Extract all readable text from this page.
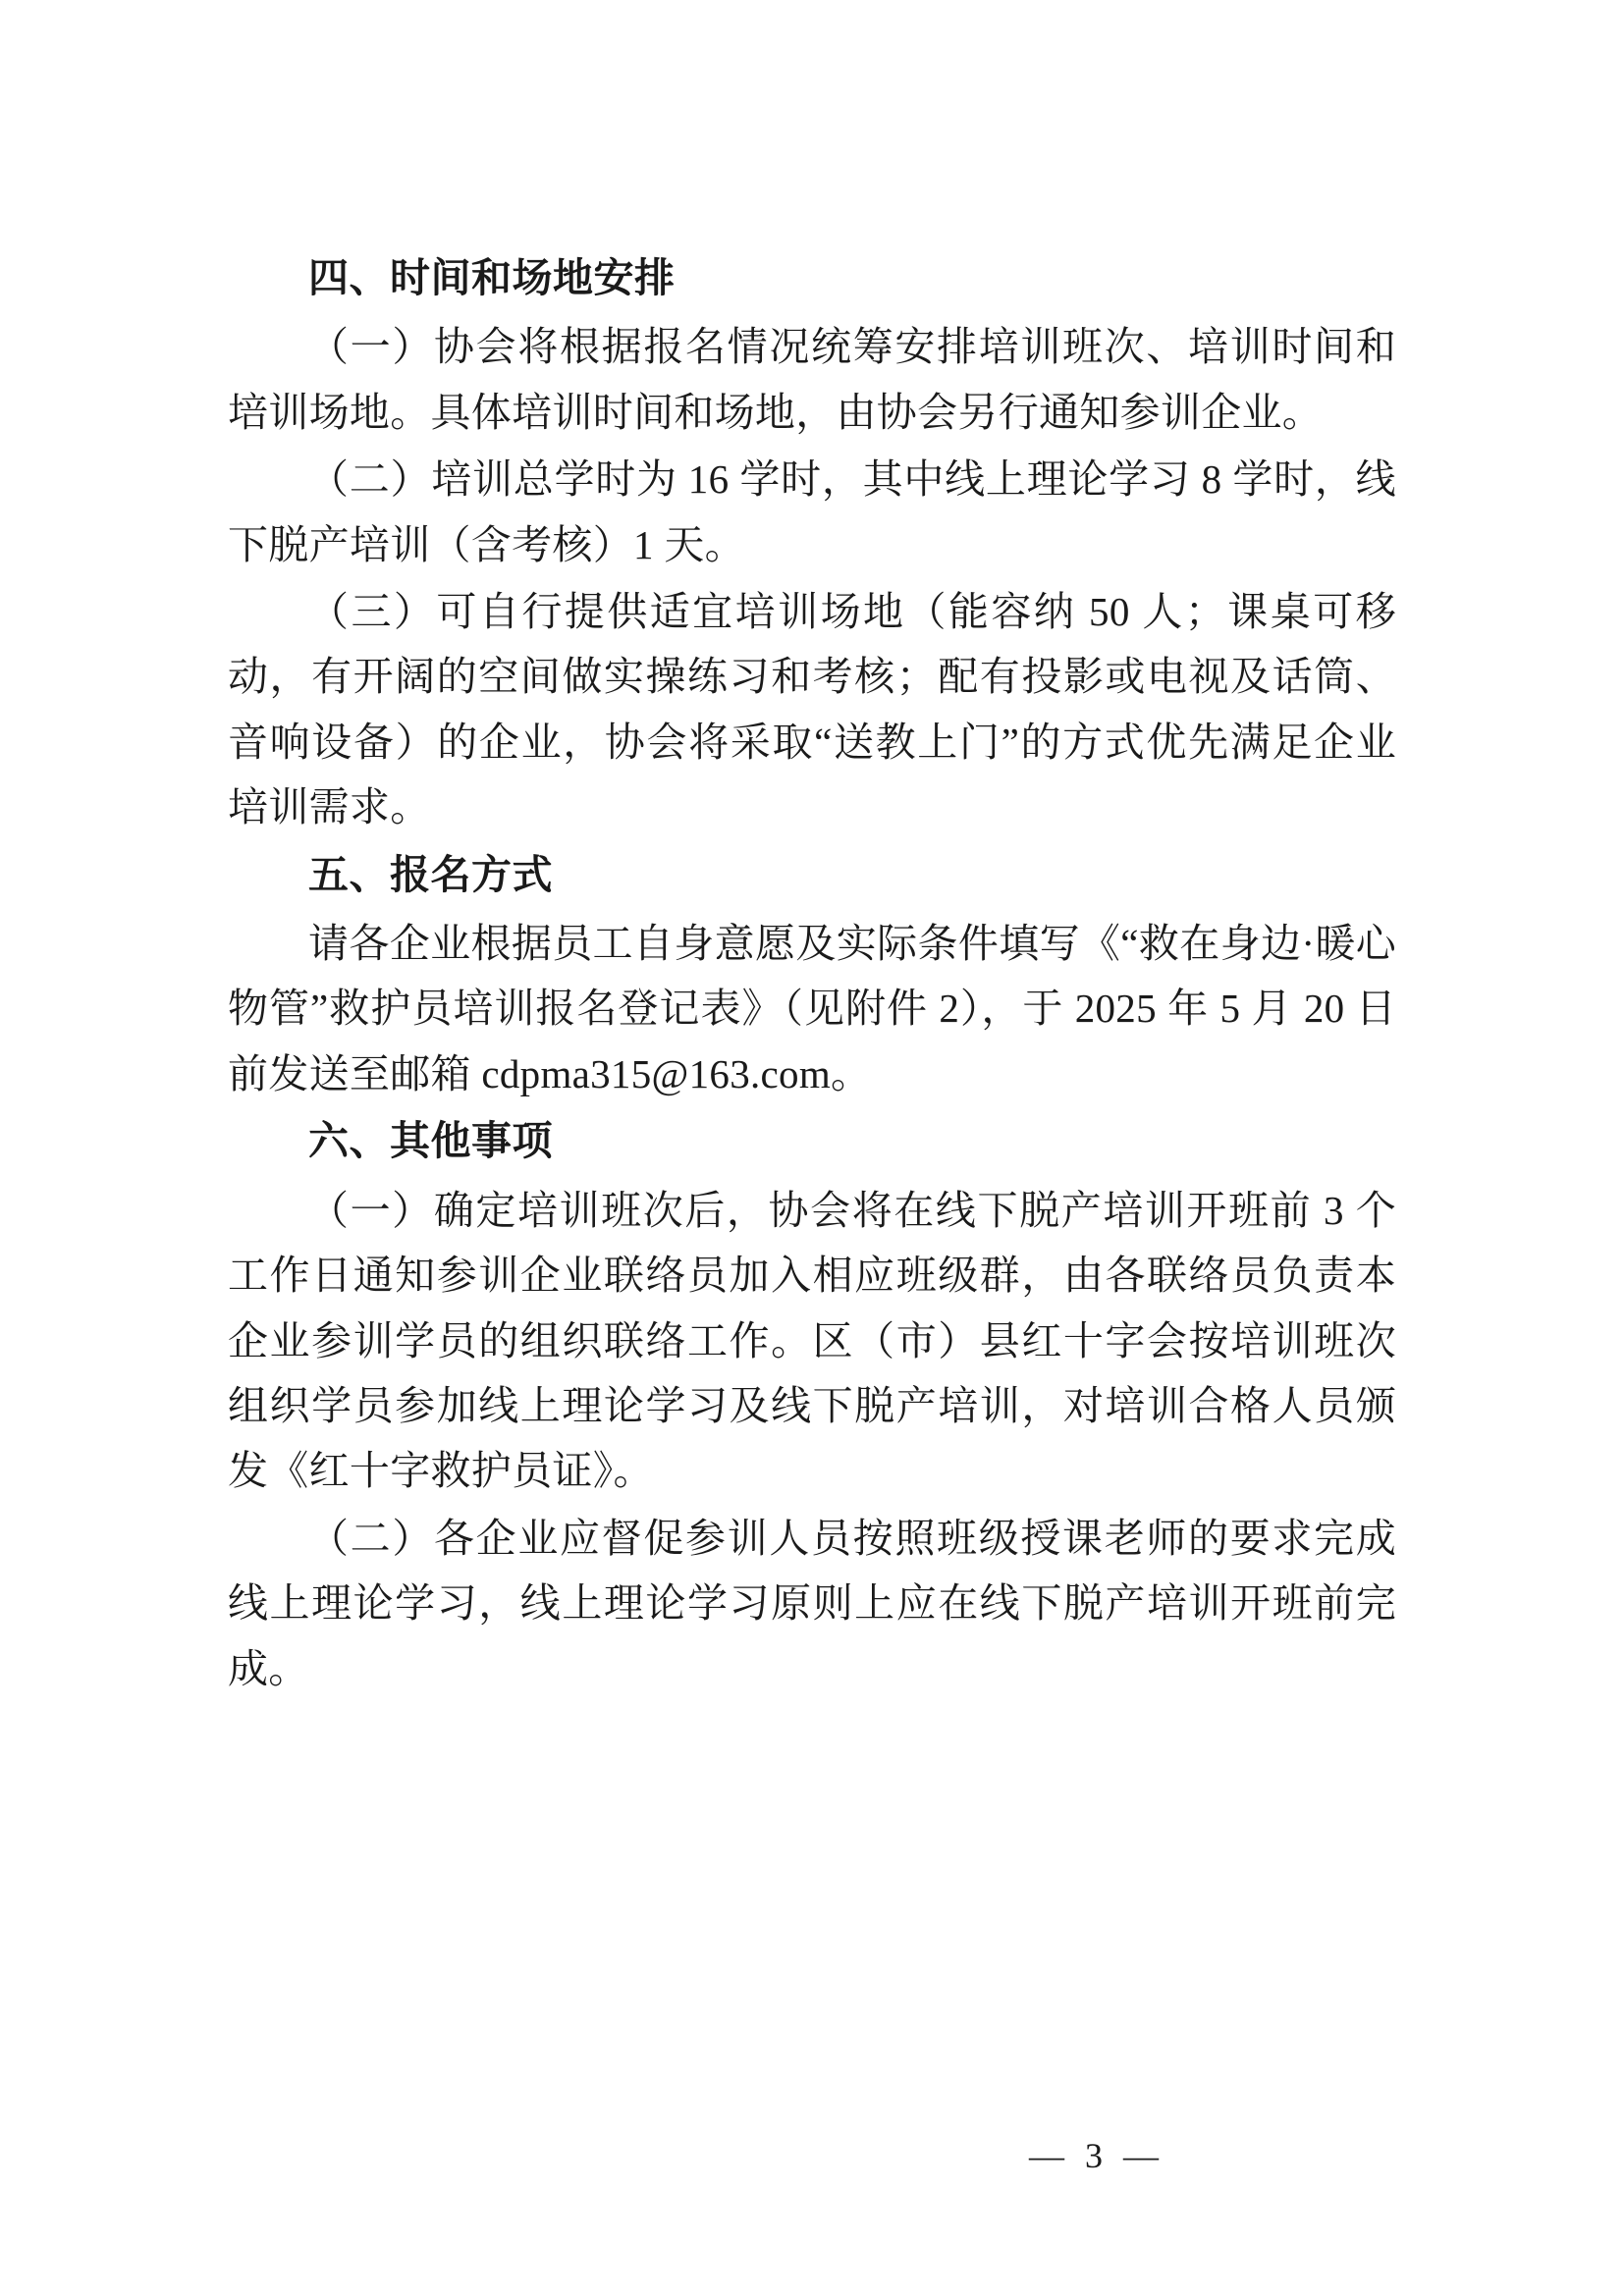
四、时间和场地安排

（一）协会将根据报名情况统筹安排培训班次、培训时间和培训场地。具体培训时间和场地，由协会另行通知参训企业。

（二）培训总学时为 16 学时，其中线上理论学习 8 学时，线下脱产培训（含考核）1 天。

（三）可自行提供适宜培训场地（能容纳 50 人；课桌可移动，有开阔的空间做实操练习和考核；配有投影或电视及话筒、音响设备）的企业，协会将采取“送教上门”的方式优先满足企业培训需求。

五、报名方式

请各企业根据员工自身意愿及实际条件填写《“救在身边·暖心物管”救护员培训报名登记表》（见附件 2），于 2025 年 5 月 20 日前发送至邮箱 cdpma315@163.com。

六、其他事项

（一）确定培训班次后，协会将在线下脱产培训开班前 3 个工作日通知参训企业联络员加入相应班级群，由各联络员负责本企业参训学员的组织联络工作。区（市）县红十字会按培训班次组织学员参加线上理论学习及线下脱产培训，对培训合格人员颁发《红十字救护员证》。

（二）各企业应督促参训人员按照班级授课老师的要求完成线上理论学习，线上理论学习原则上应在线下脱产培训开班前完成。

— 3 —
